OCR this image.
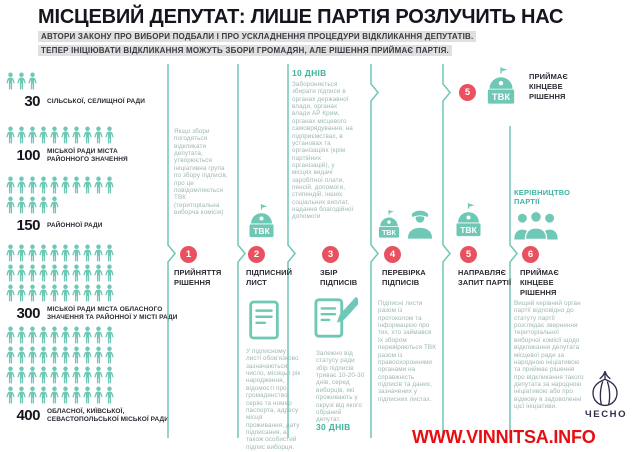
МІСЦЕВИЙ ДЕПУТАТ: ЛИШЕ ПАРТІЯ РОЗЛУЧИТЬ НАС
АВТОРИ ЗАКОНУ ПРО ВИБОРИ ПОДБАЛИ І ПРО УСКЛАДНЕННЯ ПРОЦЕДУРИ ВІДКЛИКАННЯ ДЕПУТАТІВ.
ТЕПЕР ІНІЦІЮВАТИ ВІДКЛИКАННЯ МОЖУТЬ ЗБОРИ ГРОМАДЯН, АЛЕ РІШЕННЯ ПРИЙМАЄ ПАРТІЯ.
30 СІЛЬСЬКОЇ, СЕЛИЩНОЇ РАДИ
100 МІСЬКОЇ РАДИ МІСТА РАЙОННОГО ЗНАЧЕННЯ
150 РАЙОННОЇ РАДИ
300 МІСЬКОЇ РАДИ МІСТА ОБЛАСНОГО ЗНАЧЕННЯ ТА РАЙОННОЇ У МІСТІ РАДИ
400 ОБЛАСНОЇ, КИЇВСЬКОЇ, СЕВАСТОПОЛЬСЬКОЇ МІСЬКОЇ РАДИ
Якщо збори погодяться відкликати депутата, утворюється ініціативна група по збору підписів, про це повідомляються ТВК (територіальна виборча комісія)
1
ПРИЙНЯТТЯ РІШЕННЯ
ТВК
2
ПІДПИСНИЙ ЛИСТ
У підписному листі обов'язково зазначаються число, місяць і рік народження, відомості про громадянство, серію та номер паспорта, адресу місця проживання, дату підписання, а також особистий підпис виборця.
10 ДНІВ
Забороняється збирати підписи в органах державної влади, органах влади АР Крим, органах місцевого самоврядування, на підприємствах, в установах та організаціях (крім партійних організацій), у місцях видачі заробітної плати, пенсій, допомоги, стипендій, інших соціальних виплат, надання благодійної допомоги
3
ЗБІР ПІДПИСІВ
Залежно від статусу ради збір підписів триває 10-20-30 днів, серед виборців, які проживають у окрузі від якого обраний депутат.
30 ДНІВ
ТВК
4
ПЕРЕВІРКА ПІДПИСІВ
Підписні листи разом із протоколом та інформацією про тих, хто займався їх збором перевіряються ТВК разом із правоохоронними органами на справжність підписів та даних, зазначених у підписних листах.
ТВК
5
НАПРАВЛЯЄ ЗАПИТ ПАРТІЇ
5	ТВК
ПРИЙМАЄ КІНЦЕВЕ РІШЕННЯ
КЕРІВНИЦТВО ПАРТІЇ
6
ПРИЙМАЄ КІНЦЕВЕ РІШЕННЯ
Вищий керівний орган партії відповідно до статуту партії розглядає звернення територіальної виборчої комісії щодо відкликання депутата місцевої ради за народною ініціативою та приймає рішення про відкликання такого депутата за народною ініціативою або про відмову в задоволенні цієї ініціативи.
ЧЕСНО
WWW.VINNITSA.INFO
